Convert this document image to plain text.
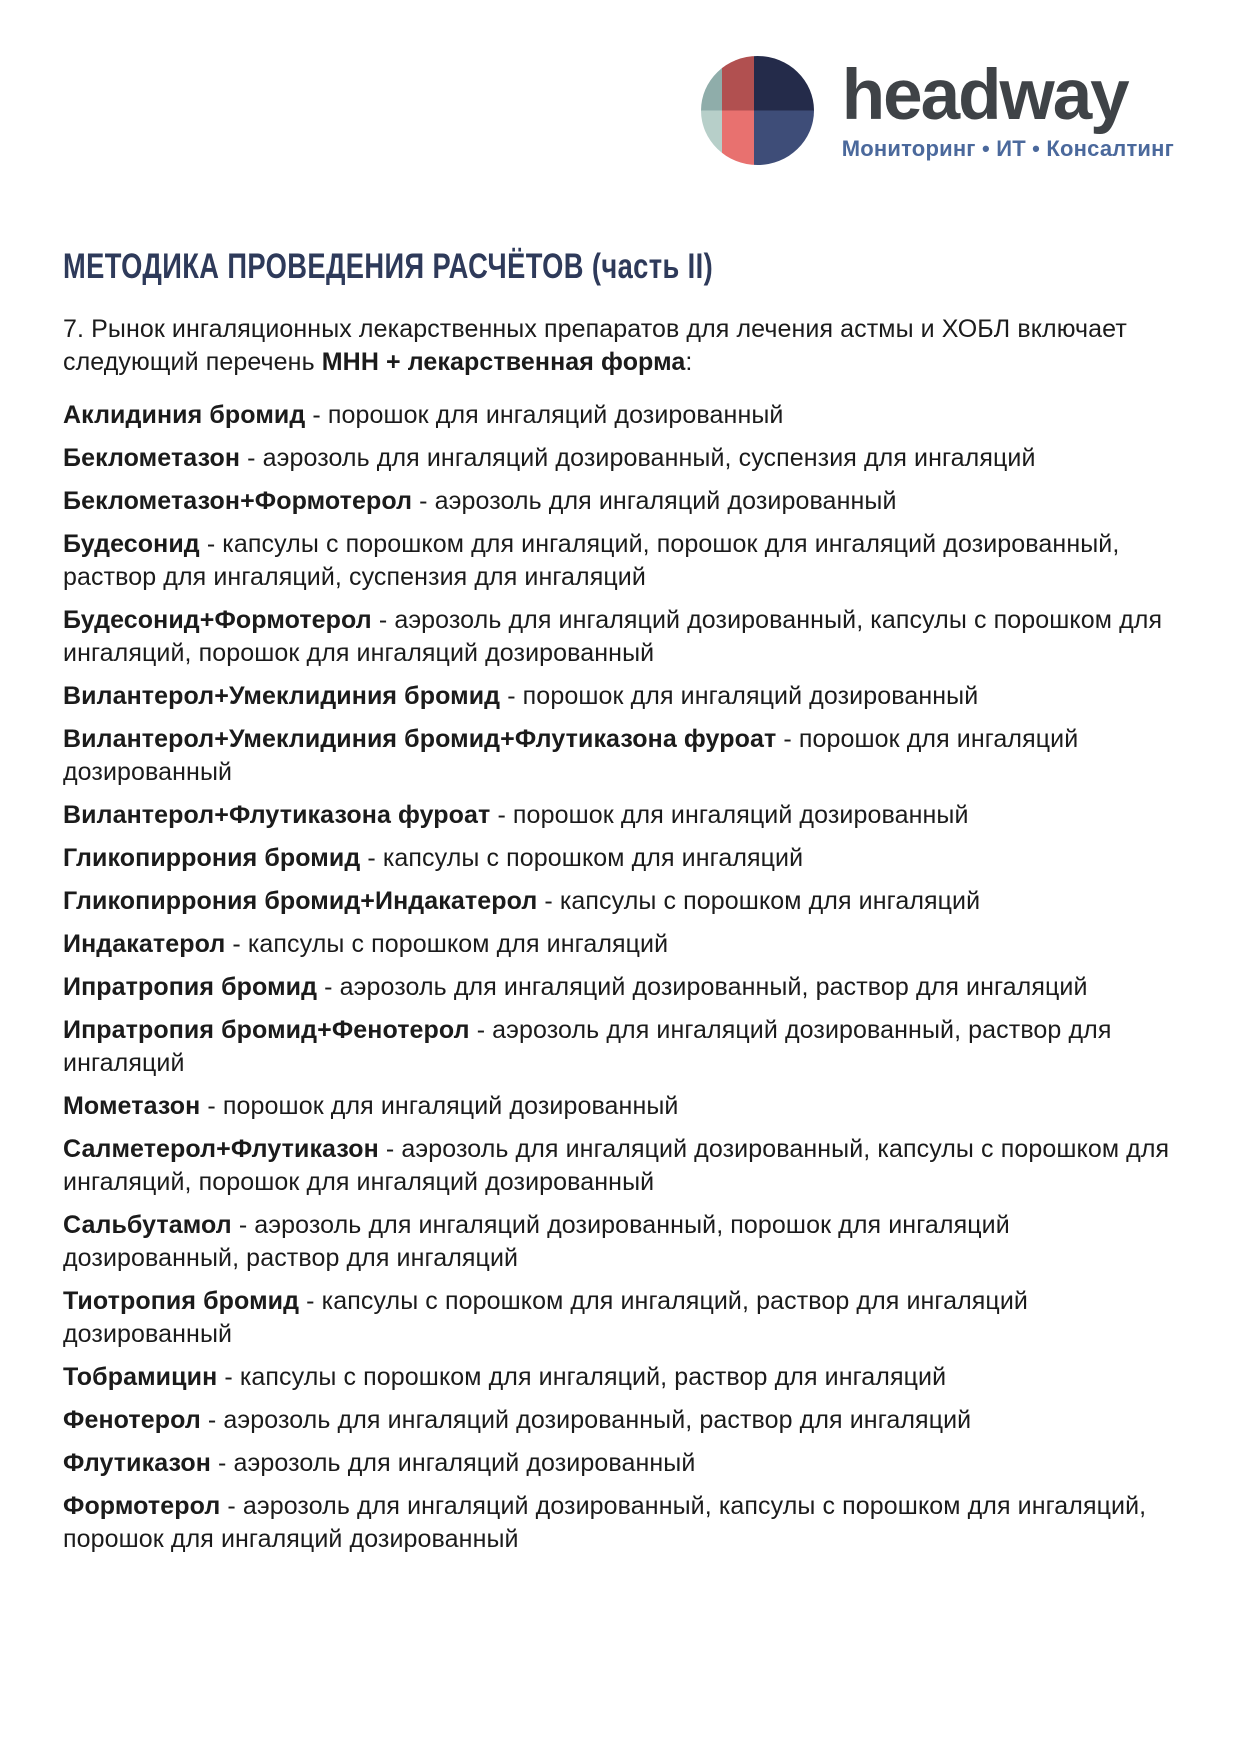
headway
Мониторинг • ИТ • Консалтинг
МЕТОДИКА ПРОВЕДЕНИЯ РАСЧЁТОВ (часть II)

7. Рынок ингаляционных лекарственных препаратов для лечения астмы и ХОБЛ включает следующий перечень МНН + лекарственная форма:

Аклидиния бромид - порошок для ингаляций дозированный

Беклометазон - аэрозоль для ингаляций дозированный, суспензия для ингаляций

Беклометазон+Формотерол - аэрозоль для ингаляций дозированный

Будесонид - капсулы с порошком для ингаляций, порошок для ингаляций дозированный, раствор для ингаляций, суспензия для ингаляций

Будесонид+Формотерол - аэрозоль для ингаляций дозированный, капсулы с порошком для ингаляций, порошок для ингаляций дозированный

Вилантерол+Умеклидиния бромид - порошок для ингаляций дозированный

Вилантерол+Умеклидиния бромид+Флутиказона фуроат - порошок для ингаляций дозированный

Вилантерол+Флутиказона фуроат - порошок для ингаляций дозированный

Гликопиррония бромид - капсулы с порошком для ингаляций

Гликопиррония бромид+Индакатерол - капсулы с порошком для ингаляций

Индакатерол - капсулы с порошком для ингаляций

Ипратропия бромид - аэрозоль для ингаляций дозированный, раствор для ингаляций

Ипратропия бромид+Фенотерол - аэрозоль для ингаляций дозированный, раствор для ингаляций

Мометазон - порошок для ингаляций дозированный

Салметерол+Флутиказон - аэрозоль для ингаляций дозированный, капсулы с порошком для ингаляций, порошок для ингаляций дозированный

Сальбутамол - аэрозоль для ингаляций дозированный, порошок для ингаляций дозированный, раствор для ингаляций

Тиотропия бромид - капсулы с порошком для ингаляций, раствор для ингаляций дозированный

Тобрамицин - капсулы с порошком для ингаляций, раствор для ингаляций

Фенотерол - аэрозоль для ингаляций дозированный, раствор для ингаляций

Флутиказон - аэрозоль для ингаляций дозированный

Формотерол - аэрозоль для ингаляций дозированный, капсулы с порошком для ингаляций, порошок для ингаляций дозированный
